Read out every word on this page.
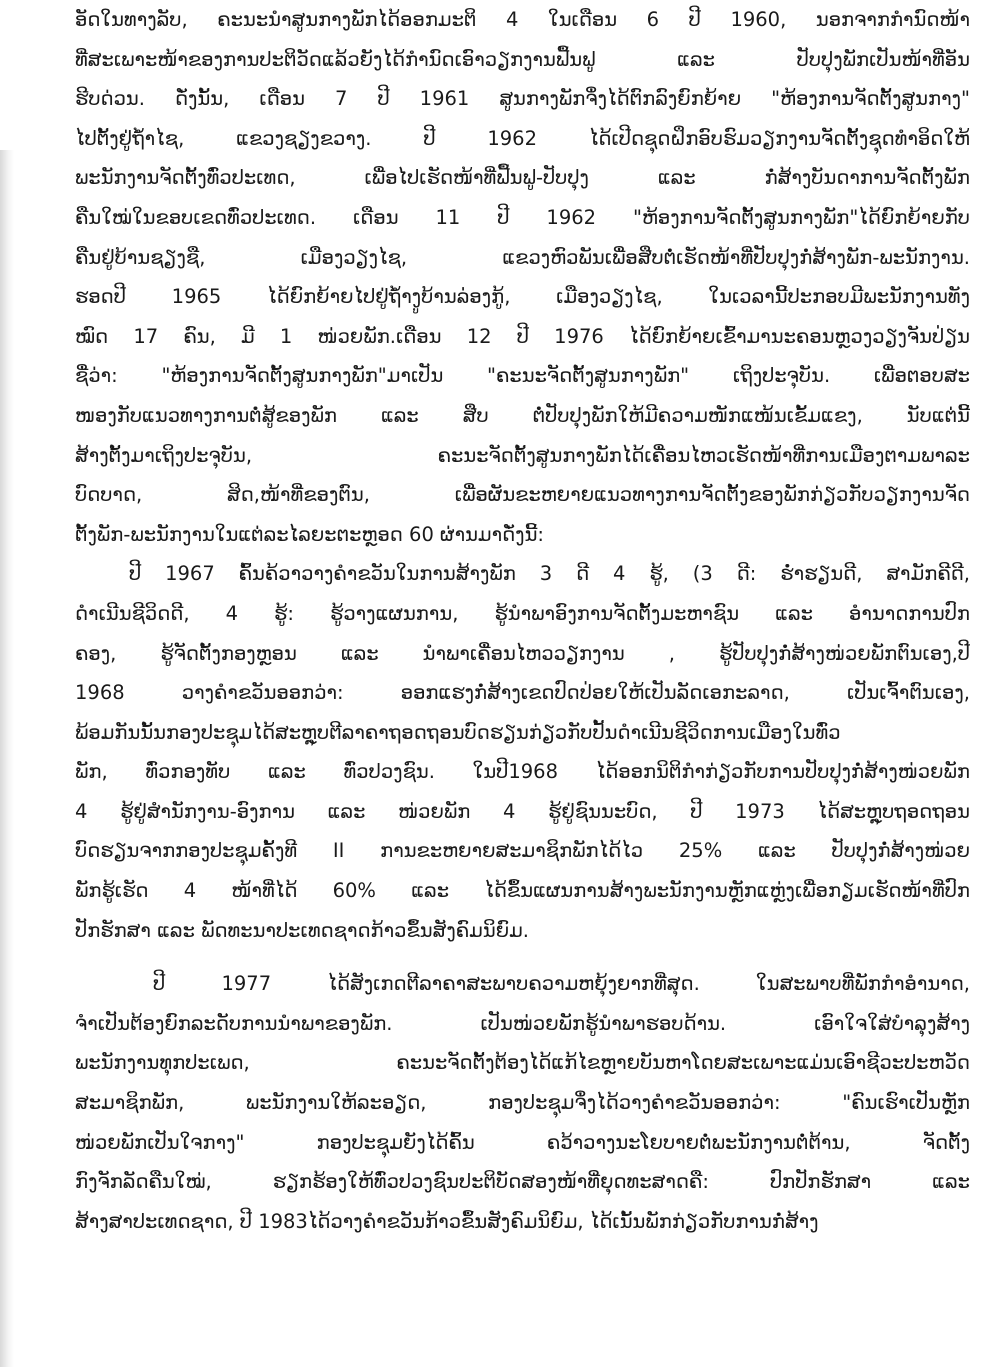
ອັດໃນທາງລັບ, ຄະນະນໍາສູນກາງພັກໄດ້ອອກມະຕິ 4 ໃນເດືອນ 6 ປີ 1960, ນອກຈາກກໍານົດໜ້າ
ທີ່ສະເພາະໜ້າຂອງການປະຕິວັດແລ້ວຍັງໄດ້ກໍານົດເອົາວຽກງານຟື້ນຟູ ແລະ ປັບປຸງພັກເປັນໜ້າທີ່ອັນ
ຮີບດ່ວນ. ດັ່ງນັ້ນ, ເດືອນ 7 ປີ 1961 ສູນກາງພັກຈຶ່ງໄດ້ຕົກລົງຍົກຍ້າຍ "ຫ້ອງການຈັດຕັ້ງສູນກາງ"
ໄປຕັ້ງຢູ່ຖ້ຳໄຊ, ແຂວງຊຽງຂວາງ. ປີ 1962 ໄດ້ເປີດຊຸດຝຶກອົບຮົມວຽກງານຈັດຕັ້ງຊຸດທໍາອິດໃຫ້
ພະນັກງານຈັດຕັ້ງທົ່ວປະເທດ, ເພື່ອໄປເຮັດໜ້າທີ່ຟື້ນຟູ-ປັບປຸງ ແລະ ກໍ່ສ້າງບັນດາການຈັດຕັ້ງພັກ
ຄືນໃໝ່ໃນຂອບເຂດທົ່ວປະເທດ. ເດືອນ 11 ປີ 1962 "ຫ້ອງການຈັດຕັ້ງສູນກາງພັກ"ໄດ້ຍົກຍ້າຍກັບ
ຄືນຢູ່ບ້ານຊຽງຊື, ເມືອງວຽງໄຊ, ແຂວງຫົວພັນເພື່ອສືບຕໍ່ເຮັດໜ້າທີ່ປັບປຸງກໍ່ສ້າງພັກ-ພະນັກງານ.
ຮອດປີ 1965 ໄດ້ຍົກຍ້າຍໄປຢູ່ຖ້ຳງູບ້ານລ່ອງກູ້, ເມືອງວຽງໄຊ, ໃນເວລານີ້ປະກອບມີພະນັກງານທັງ
ໝົດ 17 ຄົນ, ມີ 1 ໜ່ວຍພັກ.ເດືອນ 12 ປີ 1976 ໄດ້ຍົກຍ້າຍເຂົ້າມານະຄອນຫຼວງວຽງຈັນປ່ຽນ
ຊື່ວ່າ: "ຫ້ອງການຈັດຕັ້ງສູນກາງພັກ"ມາເປັນ "ຄະນະຈັດຕັ້ງສູນກາງພັກ" ເຖິງປະຈຸບັນ. ເພື່ອຕອບສະ
ໜອງກັບແນວທາງການຕໍ່ສູ້ຂອງພັກ ແລະ ສືບ ຕໍ່ປັບປຸງພັກໃຫ້ມີຄວາມໜັກແໜ້ນເຂັ້ມແຂງ, ນັບແຕ່ນີ້
ສ້າງຕັ້ງມາເຖິງປະຈຸບັນ, ຄະນະຈັດຕັ້ງສູນກາງພັກໄດ້ເຄື່ອນໄຫວເຮັດໜ້າທີ່ການເມືອງຕາມພາລະ
ບົດບາດ, ສິດ,ໜ້າທີ່ຂອງຕົນ, ເພື່ອຜັນຂະຫຍາຍແນວທາງການຈັດຕັ້ງຂອງພັກກ່ຽວກັບວຽກງານຈັດ
ຕັ້ງພັກ-ພະນັກງານໃນແຕ່ລະໄລຍະຕະຫຼອດ 60 ຜ່ານມາດັ່ງນີ້:
ປີ 1967 ຄົ້ນຄ້ວາວາງຄໍາຂວັນໃນການສ້າງພັກ 3 ດີ 4 ຮູ້, (3 ດີ: ຮໍ່າຮຽນດີ, ສາມັກຄີດີ,
ດໍາເນີນຊີວິດດີ, 4 ຮູ້: ຮູ້ວາງແຜນການ, ຮູ້ນໍາພາອົງການຈັດຕັ້ງມະຫາຊົນ ແລະ ອໍານາດການປົກ
ຄອງ, ຮູ້ຈັດຕັ້ງກອງຫຼອນ ແລະ ນໍາພາເຄື່ອນໄຫວວຽກງານ , ຮູ້ປັບປຸງກໍ່ສ້າງໜ່ວຍພັກຕົນເອງ,ປີ
1968 ວາງຄໍາຂວັນອອກວ່າ: ອອກແຮງກໍ່ສ້າງເຂດປົດປ່ອຍໃຫ້ເປັນລັດເອກະລາດ, ເປັນເຈົ້າຕົນເອງ,
ພ້ອມກັນນັ້ນກອງປະຊຸມໄດ້ສະຫຼຸບຕີລາຄາຖອດຖອນບົດຮຽນກ່ຽວກັບປັ້ນດໍາເນີນຊີວິດການເມືອງໃນທົ່ວ
ພັກ, ທົ່ວກອງທັບ ແລະ ທົ່ວປວງຊົນ. ໃນປີ1968 ໄດ້ອອກນິຕິກໍາກ່ຽວກັບການປັບປຸງກໍ່ສ້າງໜ່ວຍພັກ
4 ຮູ້ຢູ່ສໍານັກງານ-ອົງການ ແລະ ໜ່ວຍພັກ 4 ຮູ້ຢູ່ຊົນນະບົດ, ປີ 1973 ໄດ້ສະຫຼຸບຖອດຖອນ
ບົດຮຽນຈາກກອງປະຊຸມຄັ້ງທີ II ການຂະຫຍາຍສະມາຊິກພັກໄດ້ໄວ 25% ແລະ ປັບປຸງກໍ່ສ້າງໜ່ວຍ
ພັກຮູ້ເຮັດ 4 ໜ້າທີ່ໄດ້ 60% ແລະ ໄດ້ຂຶ້ນແຜນການສ້າງພະນັກງານຫຼັກແຫຼ່ງເພື່ອກຽມເຮັດໜ້າທີ່ປົກ
ປັກຮັກສາ ແລະ ພັດທະນາປະເທດຊາດກ້າວຂຶ້ນສັງຄົມນິຍົມ.
ປີ 1977 ໄດ້ສັງເກດຕີລາຄາສະພາບຄວາມຫຍຸ້ງຍາກທີ່ສຸດ. ໃນສະພາບທີ່ພັກກໍາອໍານາດ,
ຈໍາເປັນຕ້ອງຍົກລະດັບການນໍາພາຂອງພັກ. ເປັນໜ່ວຍພັກຮູ້ນໍາພາຮອບດ້ານ. ເອົາໃຈໃສ່ບໍາລຸງສ້າງ
ພະນັກງານທຸກປະເພດ, ຄະນະຈັດຕັ້ງຕ້ອງໄດ້ແກ້ໄຂຫຼາຍບັນຫາໂດຍສະເພາະແມ່ນເອົາຊີວະປະຫວັດ
ສະມາຊິກພັກ, ພະນັກງານໃຫ້ລະອຽດ, ກອງປະຊຸມຈຶ່ງໄດ້ວາງຄໍາຂວັນອອກວ່າ: "ຄົນເຮົາເປັນຫຼັກ
ໜ່ວຍພັກເປັນໃຈກາງ" ກອງປະຊຸມຍັງໄດ້ຄົ້ນ ຄວ້າວາງນະໂຍບາຍຕໍ່ພະນັກງານຕໍ່ຕ້ານ, ຈັດຕັ້ງ
ກົງຈັກລັດຄືນໃໝ່, ຮຽກຮ້ອງໃຫ້ທົ່ວປວງຊົນປະຕິບັດສອງໜ້າທີ່ຍຸດທະສາດຄື: ປົກປັກຮັກສາ ແລະ
ສ້າງສາປະເທດຊາດ, ປີ 1983ໄດ້ວາງຄໍາຂວັນກ້າວຂຶ້ນສັງຄົມນິຍົມ, ໄດ້ເນັ້ນພັກກ່ຽວກັບການກໍ່ສ້າງ
